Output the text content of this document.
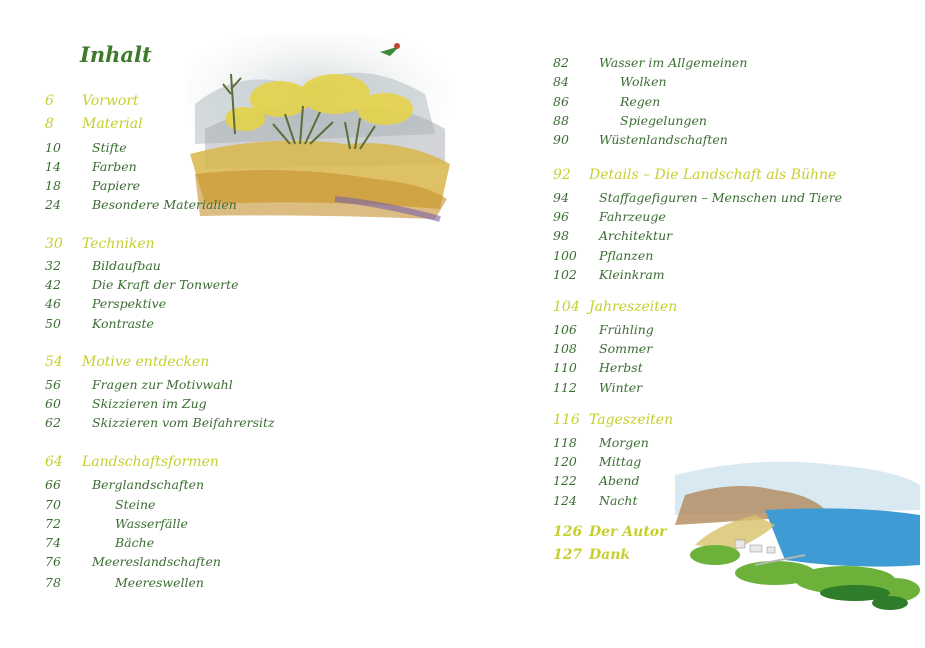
Inhalt
6 Vorwort
8 Material
10 Stifte
14 Farben
18 Papiere
24 Besondere Materialien
30 Techniken
32 Bildaufbau
42 Die Kraft der Tonwerte
46 Perspektive
50 Kontraste
54 Motive entdecken
56 Fragen zur Motivwahl
60 Skizzieren im Zug
62 Skizzieren vom Beifahrersitz
64 Landschaftsformen
66 Berglandschaften
70	Steine
72	Wasserfälle
74	Bäche
76 Meereslandschaften
78	Meereswellen
82 Wasser im Allgemeinen
84	Wolken
86	Regen
88	Spiegelungen
90 Wüstenlandschaften
92 Details – Die Landschaft als Bühne
94 Staffagefiguren – Menschen und Tiere
96 Fahrzeuge
98 Architektur
100 Pflanzen
102 Kleinkram
104 Jahreszeiten
106 Frühling
108 Sommer
110 Herbst
112 Winter
116 Tageszeiten
118 Morgen
120 Mittag
122 Abend
124 Nacht
126 Der Autor
127 Dank
